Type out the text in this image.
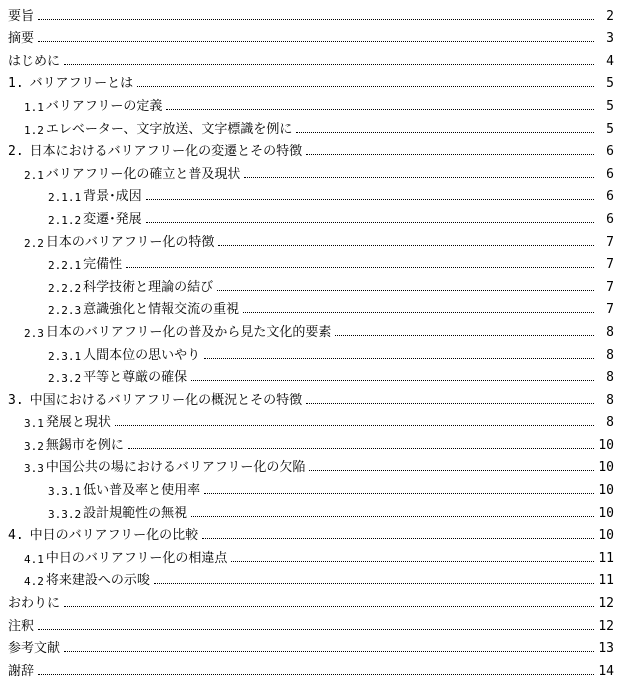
要旨	2
摘要	3
はじめに	4
1. バリアフリーとは	5
1.1 バリアフリーの定義	5
1.2 エレベーター、文字放送、文字標識を例に	5
2. 日本におけるバリアフリー化の変遷とその特徴	6
2.1 バリアフリー化の確立と普及現状	6
2.1.1 背景･成因	6
2.1.2 変遷･発展	6
2.2 日本のバリアフリー化の特徴	7
2.2.1 完備性	7
2.2.2 科学技術と理論の結び	7
2.2.3 意識強化と情報交流の重視	7
2.3 日本のバリアフリー化の普及から見た文化的要素	8
2.3.1 人間本位の思いやり	8
2.3.2 平等と尊厳の確保	8
3. 中国におけるバリアフリー化の概況とその特徴	8
3.1 発展と現状	8
3.2 無錫市を例に	10
3.3 中国公共の場におけるバリアフリー化の欠陥	10
3.3.1 低い普及率と使用率	10
3.3.2 設計規範性の無視	10
4. 中日のバリアフリー化の比較	10
4.1 中日のバリアフリー化の相違点	11
4.2 将来建設への示唆	11
おわりに	12
注釈	12
参考文献	13
謝辞	14
